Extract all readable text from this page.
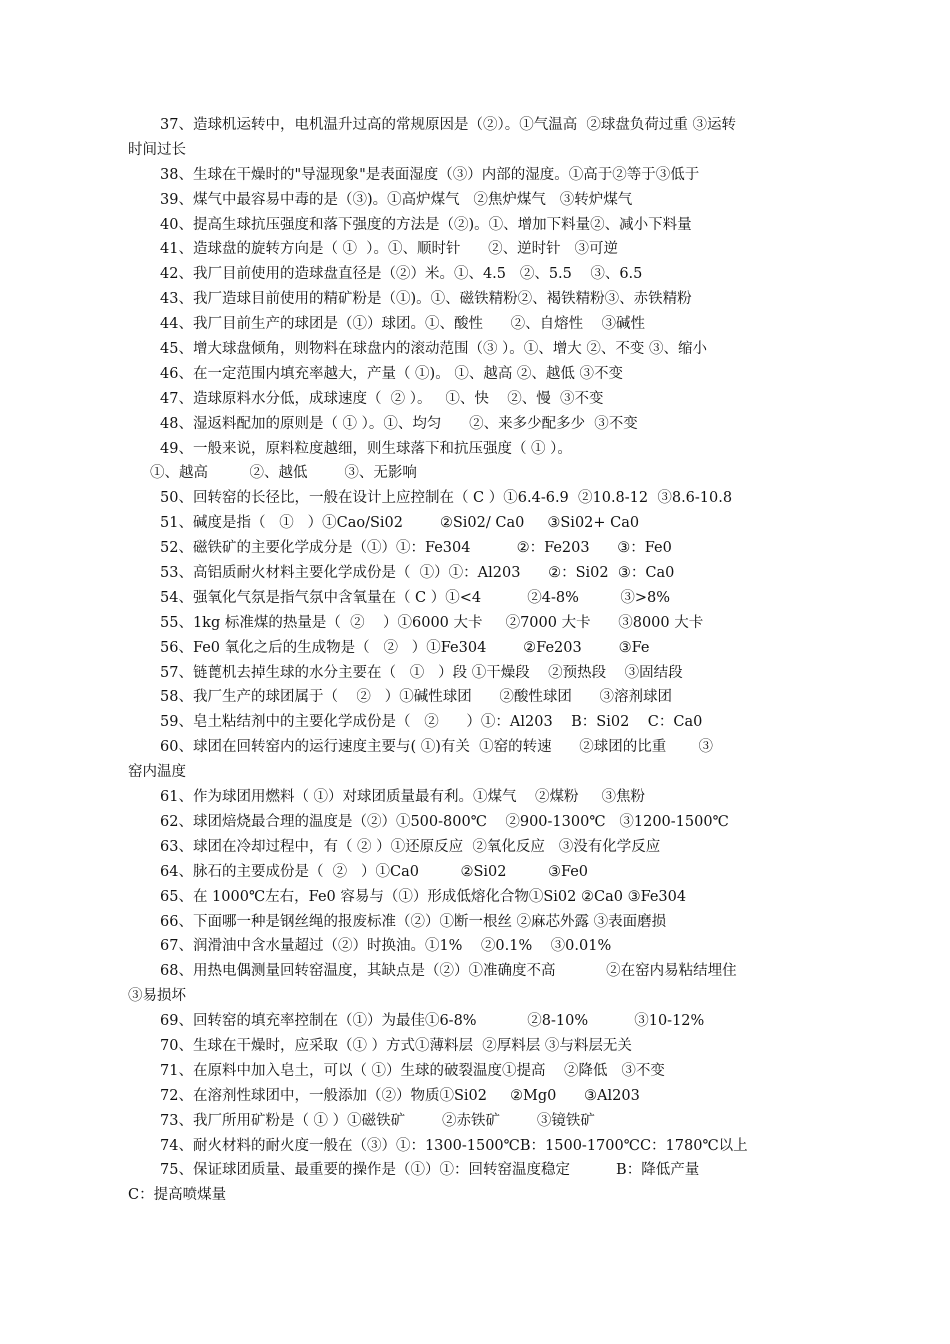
37、造球机运转中，电机温升过高的常规原因是（②）。①气温高  ②球盘负荷过重 ③运转
时间过长
38、生球在干燥时的"导湿现象"是表面湿度（③）内部的湿度。①高于②等于③低于
39、煤气中最容易中毒的是（③)。①高炉煤气   ②焦炉煤气   ③转炉煤气
40、提高生球抗压强度和落下强度的方法是（②)。①、增加下料量②、减小下料量
41、造球盘的旋转方向是（ ①  ）。①、顺时针      ②、逆时针   ③可逆
42、我厂目前使用的造球盘直径是（②）米。①、4.5   ②、5.5    ③、6.5
43、我厂造球目前使用的精矿粉是（①)。①、磁铁精粉②、褐铁精粉③、赤铁精粉
44、我厂目前生产的球团是（①）球团。①、酸性      ②、自熔性    ③碱性
45、增大球盘倾角，则物料在球盘内的滚动范围（③ ）。①、增大 ②、不变 ③、缩小
46、在一定范围内填充率越大，产量（ ①)。 ①、越高 ②、越低 ③不变
47、造球原料水分低，成球速度（  ② ）。   ①、快    ②、慢  ③不变
48、湿返料配加的原则是（ ① ）。①、均匀      ②、来多少配多少  ③不变
49、一般来说，原料粒度越细，则生球落下和抗压强度（ ① ）。
①、越高         ②、越低        ③、无影响
50、回转窑的长径比，一般在设计上应控制在（ C ）①6.4-6.9  ②10.8-12  ③8.6-10.8
51、碱度是指（   ①   ）①Cao/Si02        ②Si02/ Ca0     ③Si02+ Ca0
52、磁铁矿的主要化学成分是（①）①：Fe304          ②：Fe203      ③：Fe0
53、高铝质耐火材料主要化学成份是（  ①）①：Al203      ②：Si02  ③：Ca0
54、强氧化气氛是指气氛中含氧量在（ C ）①<4          ②4-8%         ③>8%
55、1kg 标准煤的热量是（  ②    ）①6000 大卡     ②7000 大卡      ③8000 大卡
56、Fe0 氧化之后的生成物是（   ②   ）①Fe304        ②Fe203        ③Fe
57、链蓖机去掉生球的水分主要在（   ①   ）段 ①干燥段    ②预热段    ③固结段
58、我厂生产的球团属于（    ②   ）①碱性球团      ②酸性球团      ③溶剂球团
59、皂土粘结剂中的主要化学成份是（   ②      ）①：Al203    B：Si02    C：Ca0
60、球团在回转窑内的运行速度主要与( ①)有关  ①窑的转速      ②球团的比重       ③
窑内温度
61、作为球团用燃料（ ①）对球团质量最有利。①煤气    ②煤粉     ③焦粉
62、球团焙烧最合理的温度是（②）①500-800℃    ②900-1300℃   ③1200-1500℃
63、球团在冷却过程中，有（ ② ）①还原反应  ②氧化反应   ③没有化学反应
64、脉石的主要成份是（  ②   ）①Ca0         ②Si02         ③Fe0
65、在 1000℃左右，Fe0 容易与（①）形成低熔化合物①Si02 ②Ca0 ③Fe304
66、下面哪一种是钢丝绳的报废标准（②）①断一根丝 ②麻芯外露 ③表面磨损
67、润滑油中含水量超过（②）时换油。①1%    ②0.1%    ③0.01%
68、用热电偶测量回转窑温度，其缺点是（②）①准确度不高           ②在窑内易粘结埋住
③易损坏
69、回转窑的填充率控制在（①）为最佳①6-8%           ②8-10%          ③10-12%
70、生球在干燥时，应采取（① ）方式①薄料层  ②厚料层 ③与料层无关
71、在原料中加入皂土，可以（ ①）生球的破裂温度①提高    ②降低   ③不变
72、在溶剂性球团中，一般添加（②）物质①Si02     ②Mg0      ③Al203
73、我厂所用矿粉是（ ① ）①磁铁矿        ②赤铁矿        ③镜铁矿
74、耐火材料的耐火度一般在（③）①：1300-1500℃B：1500-1700℃C：1780℃以上
75、保证球团质量、最重要的操作是（①）①：回转窑温度稳定          B：降低产量
C：提高喷煤量
